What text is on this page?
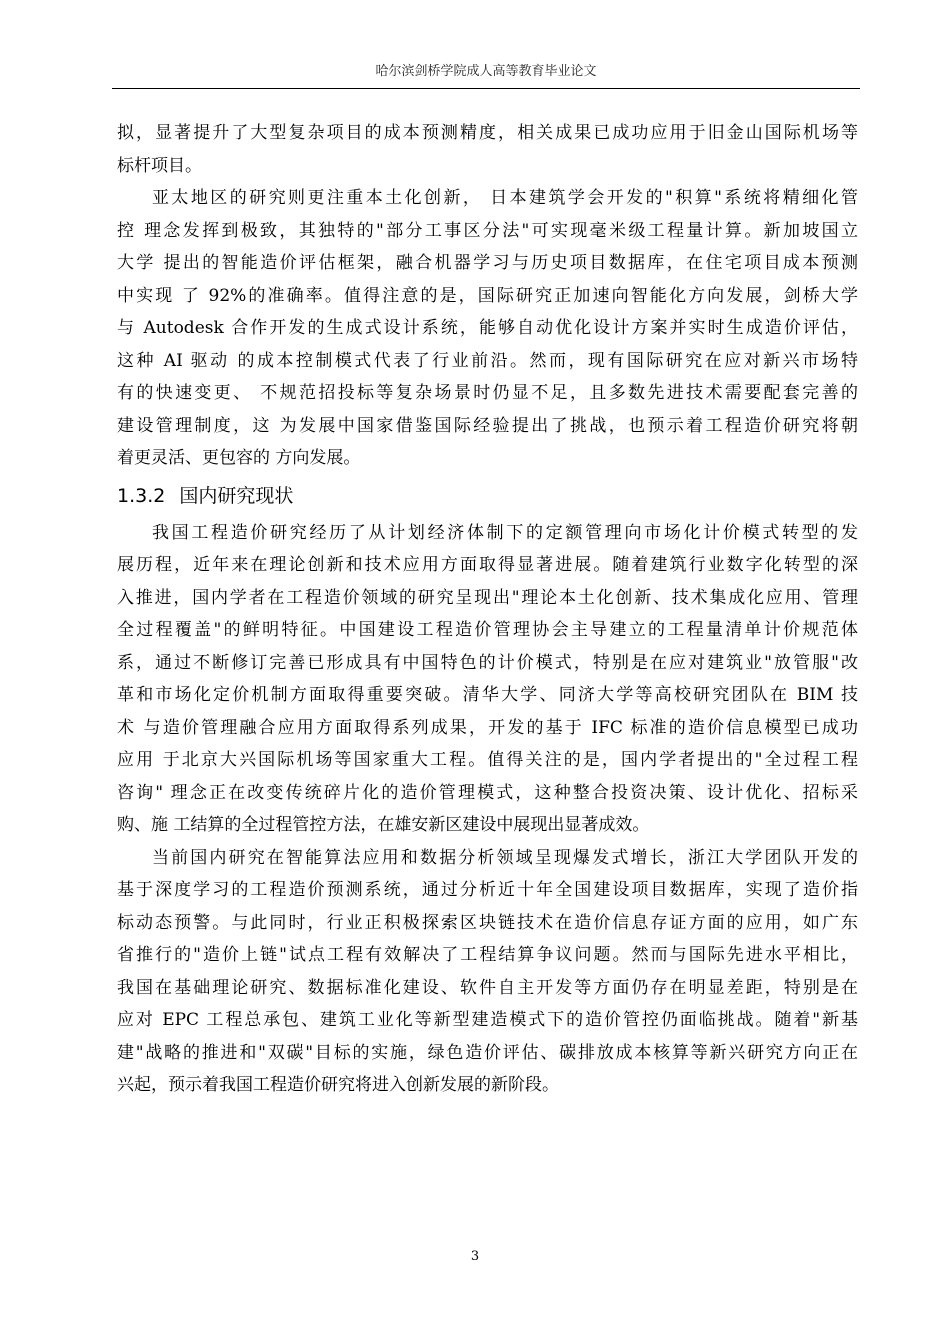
哈尔滨剑桥学院成人高等教育毕业论文
拟，显著提升了大型复杂项目的成本预测精度，相关成果已成功应用于旧金山国际机场等
标杆项目。
亚太地区的研究则更注重本土化创新， 日本建筑学会开发的"积算"系统将精细化管
控 理念发挥到极致，其独特的"部分工事区分法"可实现毫米级工程量计算。新加坡国立
大学 提出的智能造价评估框架，融合机器学习与历史项目数据库，在住宅项目成本预测
中实现 了 92%的准确率。值得注意的是，国际研究正加速向智能化方向发展，剑桥大学
与 Autodesk 合作开发的生成式设计系统，能够自动优化设计方案并实时生成造价评估，
这种 AI 驱动 的成本控制模式代表了行业前沿。然而，现有国际研究在应对新兴市场特
有的快速变更、 不规范招投标等复杂场景时仍显不足，且多数先进技术需要配套完善的
建设管理制度，这 为发展中国家借鉴国际经验提出了挑战，也预示着工程造价研究将朝
着更灵活、更包容的 方向发展。
1.3.2 国内研究现状
我国工程造价研究经历了从计划经济体制下的定额管理向市场化计价模式转型的发
展历程，近年来在理论创新和技术应用方面取得显著进展。随着建筑行业数字化转型的深
入推进，国内学者在工程造价领域的研究呈现出"理论本土化创新、技术集成化应用、管理
全过程覆盖"的鲜明特征。中国建设工程造价管理协会主导建立的工程量清单计价规范体
系，通过不断修订完善已形成具有中国特色的计价模式，特别是在应对建筑业"放管服"改
革和市场化定价机制方面取得重要突破。清华大学、同济大学等高校研究团队在 BIM 技
术 与造价管理融合应用方面取得系列成果，开发的基于 IFC 标准的造价信息模型已成功
应用 于北京大兴国际机场等国家重大工程。值得关注的是，国内学者提出的"全过程工程
咨询" 理念正在改变传统碎片化的造价管理模式，这种整合投资决策、设计优化、招标采
购、施 工结算的全过程管控方法，在雄安新区建设中展现出显著成效。
当前国内研究在智能算法应用和数据分析领域呈现爆发式增长，浙江大学团队开发的
基于深度学习的工程造价预测系统，通过分析近十年全国建设项目数据库，实现了造价指
标动态预警。与此同时，行业正积极探索区块链技术在造价信息存证方面的应用，如广东
省推行的"造价上链"试点工程有效解决了工程结算争议问题。然而与国际先进水平相比，
我国在基础理论研究、数据标准化建设、软件自主开发等方面仍存在明显差距，特别是在
应对 EPC 工程总承包、建筑工业化等新型建造模式下的造价管控仍面临挑战。随着"新基
建"战略的推进和"双碳"目标的实施，绿色造价评估、碳排放成本核算等新兴研究方向正在
兴起，预示着我国工程造价研究将进入创新发展的新阶段。
3
